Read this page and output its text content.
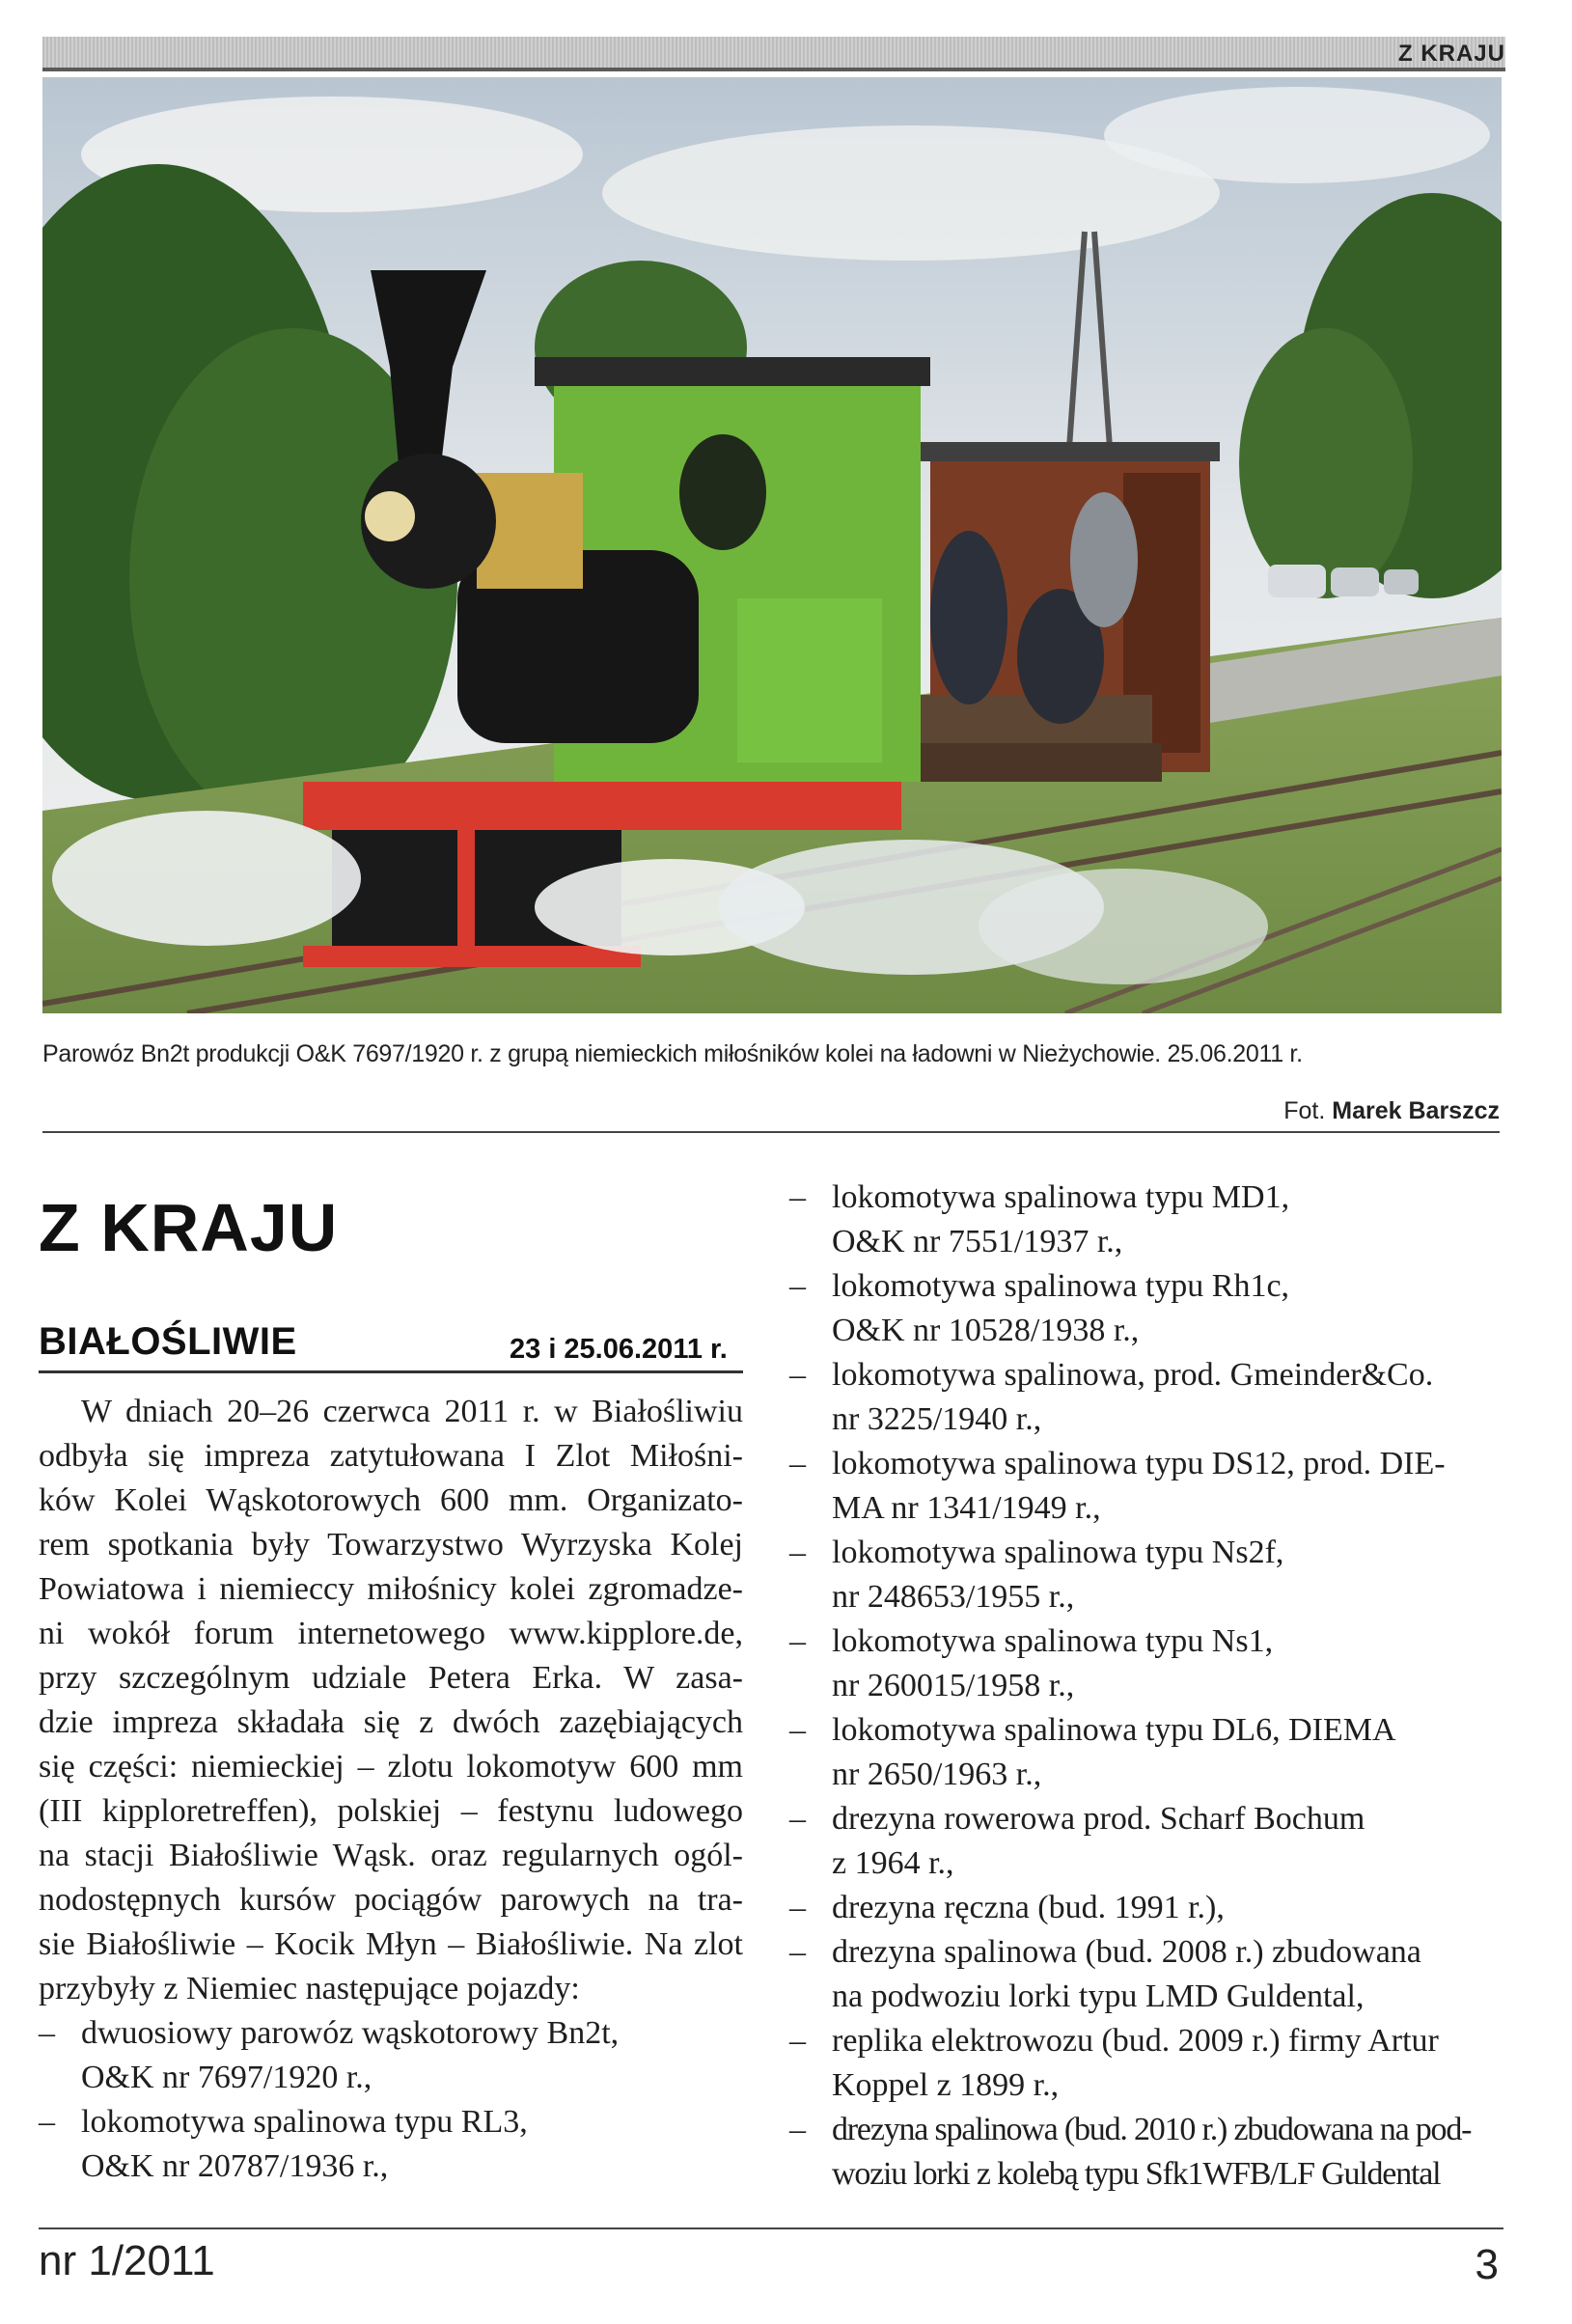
Z KRAJU
Parowóz Bn2t produkcji O&K 7697/1920 r. z grupą niemieckich miłośników kolei na ładowni w Nieżychowie. 25.06.2011 r.
Fot. Marek Barszcz
Z KRAJU
BIAŁOŚLIWIE	23 i 25.06.2011 r.
W dniach 20–26 czerwca 2011 r. w Białośliwiu
odbyła się impreza zatytułowana I Zlot Miłośni-
ków Kolei Wąskotorowych 600 mm. Organizato-
rem spotkania były Towarzystwo Wyrzyska Kolej
Powiatowa i niemieccy miłośnicy kolei zgromadze-
ni wokół forum internetowego www.kipplore.de,
przy szczególnym udziale Petera Erka. W zasa-
dzie impreza składała się z dwóch zazębiających
się części: niemieckiej – zlotu lokomotyw 600 mm
(III kipploretreffen), polskiej – festynu ludowego
na stacji Białośliwie Wąsk. oraz regularnych ogól-
nodostępnych kursów pociągów parowych na tra-
sie Białośliwie – Kocik Młyn – Białośliwie. Na zlot
przybyły z Niemiec następujące pojazdy:
– dwuosiowy parowóz wąskotorowy Bn2t,
O&K nr 7697/1920 r.,
– lokomotywa spalinowa typu RL3,
O&K nr 20787/1936 r.,
– lokomotywa spalinowa typu MD1,
O&K nr 7551/1937 r.,
– lokomotywa spalinowa typu Rh1c,
O&K nr 10528/1938 r.,
– lokomotywa spalinowa, prod. Gmeinder&Co.
nr 3225/1940 r.,
– lokomotywa spalinowa typu DS12, prod. DIE-
MA nr 1341/1949 r.,
– lokomotywa spalinowa typu Ns2f,
nr 248653/1955 r.,
– lokomotywa spalinowa typu Ns1,
nr 260015/1958 r.,
– lokomotywa spalinowa typu DL6, DIEMA
nr 2650/1963 r.,
– drezyna rowerowa prod. Scharf Bochum
z 1964 r.,
– drezyna ręczna (bud. 1991 r.),
– drezyna spalinowa (bud. 2008 r.) zbudowana
na podwoziu lorki typu LMD Guldental,
– replika elektrowozu (bud. 2009 r.) firmy Artur
Koppel z 1899 r.,
– drezyna spalinowa (bud. 2010 r.) zbudowana na pod-
woziu lorki z kolebą typu Sfk1WFB/LF Guldental
nr 1/2011	3
